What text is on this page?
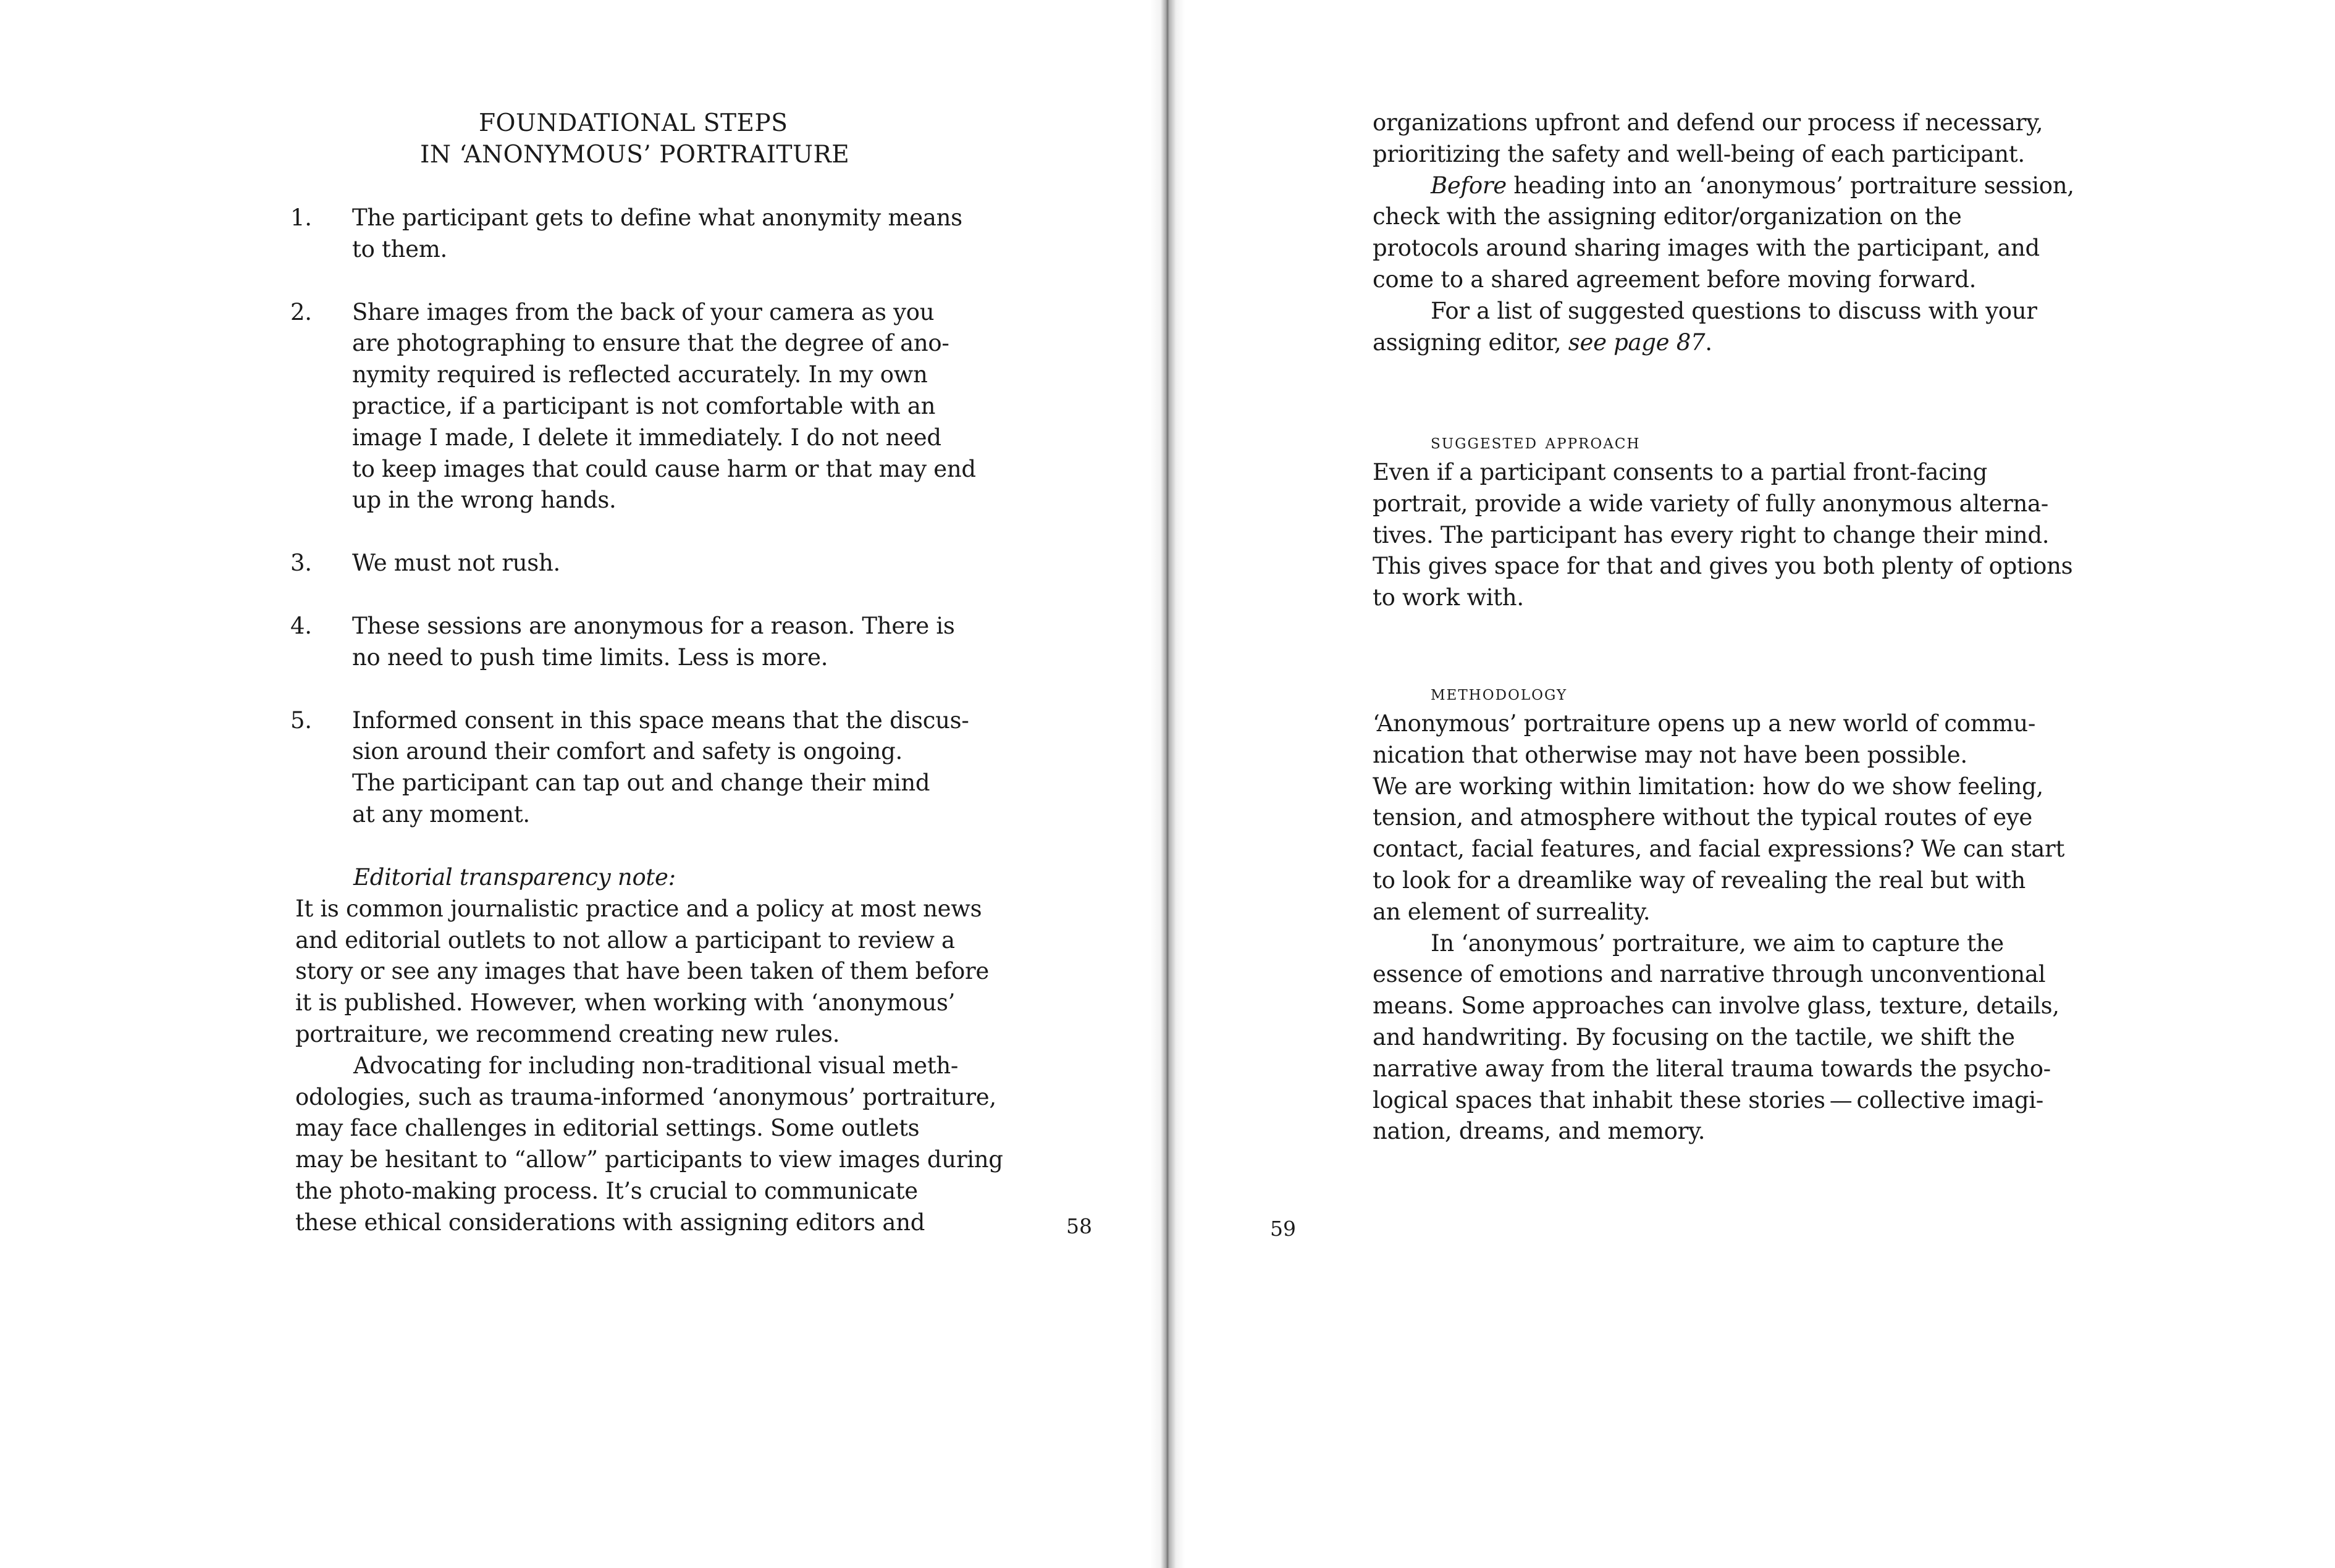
FOUNDATIONAL STEPS
IN ‘ANONYMOUS’ PORTRAITURE
1. The participant gets to define what anonymity means
to them.
2. Share images from the back of your camera as you
are photographing to ensure that the degree of ano-
nymity required is reflected accurately. In my own
practice, if a participant is not comfortable with an
image I made, I delete it immediately. I do not need
to keep images that could cause harm or that may end
up in the wrong hands.
3. We must not rush.
4. These sessions are anonymous for a reason. There is
no need to push time limits. Less is more.
5. Informed consent in this space means that the discus-
sion around their comfort and safety is ongoing.
The participant can tap out and change their mind
at any moment.
Editorial transparency note:
It is common journalistic practice and a policy at most news
and editorial outlets to not allow a participant to review a
story or see any images that have been taken of them before
it is published. However, when working with ‘anonymous’
portraiture, we recommend creating new rules.
Advocating for including non-traditional visual meth-
odologies, such as trauma-informed ‘anonymous’ portraiture,
may face challenges in editorial settings. Some outlets
may be hesitant to “allow” participants to view images during
the photo-making process. It’s crucial to communicate
these ethical considerations with assigning editors and	58
organizations upfront and defend our process if necessary,
prioritizing the safety and well-being of each participant.
Before heading into an ‘anonymous’ portraiture session,
check with the assigning editor/organization on the
protocols around sharing images with the participant, and
come to a shared agreement before moving forward.
For a list of suggested questions to discuss with your
assigning editor, see page 87.
suggested approach
Even if a participant consents to a partial front-facing
portrait, provide a wide variety of fully anonymous alterna-
tives. The participant has every right to change their mind.
This gives space for that and gives you both plenty of options
to work with.
methodology
‘Anonymous’ portraiture opens up a new world of commu-
nication that otherwise may not have been possible.
We are working within limitation: how do we show feeling,
tension, and atmosphere without the typical routes of eye
contact, facial features, and facial expressions? We can start
to look for a dreamlike way of revealing the real but with
an element of surreality.
In ‘anonymous’ portraiture, we aim to capture the
essence of emotions and narrative through unconventional
means. Some approaches can involve glass, texture, details,
and handwriting. By focusing on the tactile, we shift the
narrative away from the literal trauma towards the psycho-
logical spaces that inhabit these stories — collective imagi-
nation, dreams, and memory.
59
